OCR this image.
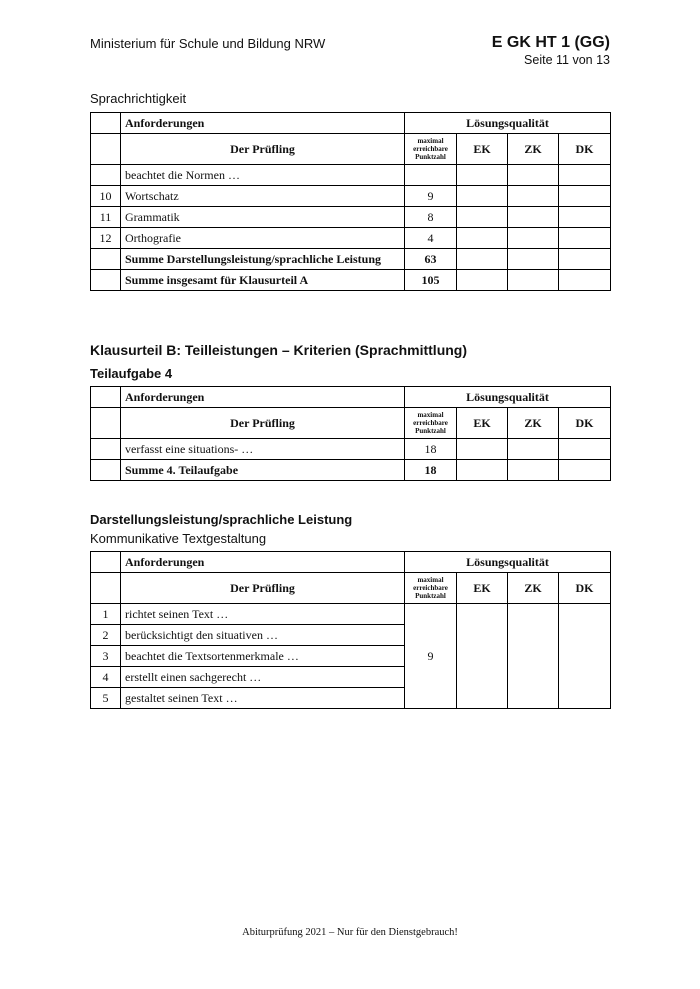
Ministerium für Schule und Bildung NRW	E GK HT 1 (GG)
Seite 11 von 13
Sprachrichtigkeit
	Anforderungen	Lösungsqualität			
	Der Prüfling	maximal
erreichbare
Punktzahl	EK	ZK	DK
	beachtet die Normen …				
10	Wortschatz	9			
11	Grammatik	8			
12	Orthografie	4			
	Summe Darstellungsleistung/sprachliche Leistung	63			
	Summe insgesamt für Klausurteil A	105			
Klausurteil B: Teilleistungen – Kriterien (Sprachmittlung)
Teilaufgabe 4
	Anforderungen	Lösungsqualität			
	Der Prüfling	maximal
erreichbare
Punktzahl	EK	ZK	DK
	verfasst eine situations- …	18			
	Summe 4. Teilaufgabe	18			
Darstellungsleistung/sprachliche Leistung
Kommunikative Textgestaltung
	Anforderungen	Lösungsqualität			
	Der Prüfling	maximal
erreichbare
Punktzahl	EK	ZK	DK
1	richtet seinen Text …	9			
2	berücksichtigt den situativen …				
3	beachtet die Textsortenmerkmale …				
4	erstellt einen sachgerecht …				
5	gestaltet seinen Text …				
Abiturprüfung 2021 – Nur für den Dienstgebrauch!
